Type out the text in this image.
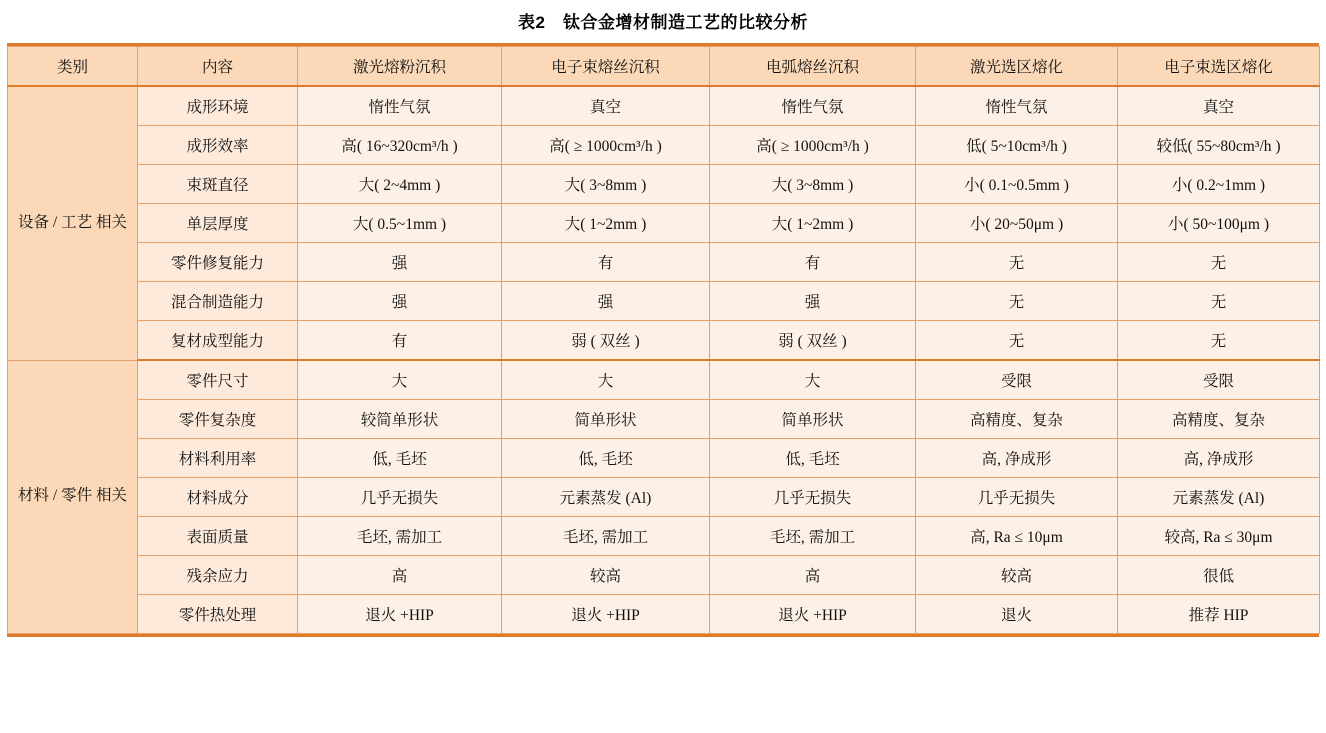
表2　钛合金增材制造工艺的比较分析
类别	内容	激光熔粉沉积	电子束熔丝沉积	电弧熔丝沉积	激光选区熔化	电子束选区熔化
设备 / 工艺 相关	成形环境	惰性气氛	真空	惰性气氛	惰性气氛	真空
	成形效率	高( 16~320cm³/h )	高( ≥ 1000cm³/h )	高( ≥ 1000cm³/h )	低( 5~10cm³/h )	较低( 55~80cm³/h )
	束斑直径	大( 2~4mm )	大( 3~8mm )	大( 3~8mm )	小( 0.1~0.5mm )	小( 0.2~1mm )
	单层厚度	大( 0.5~1mm )	大( 1~2mm )	大( 1~2mm )	小( 20~50μm )	小( 50~100μm )
	零件修复能力	强	有	有	无	无
	混合制造能力	强	强	强	无	无
	复材成型能力	有	弱 ( 双丝 )	弱 ( 双丝 )	无	无
材料 / 零件 相关	零件尺寸	大	大	大	受限	受限
	零件复杂度	较简单形状	简单形状	简单形状	高精度、复杂	高精度、复杂
	材料利用率	低, 毛坯	低, 毛坯	低, 毛坯	高, 净成形	高, 净成形
	材料成分	几乎无损失	元素蒸发 (Al)	几乎无损失	几乎无损失	元素蒸发 (Al)
	表面质量	毛坯, 需加工	毛坯, 需加工	毛坯, 需加工	高, Ra ≤ 10μm	较高, Ra ≤ 30μm
	残余应力	高	较高	高	较高	很低
	零件热处理	退火 +HIP	退火 +HIP	退火 +HIP	退火	推荐 HIP
